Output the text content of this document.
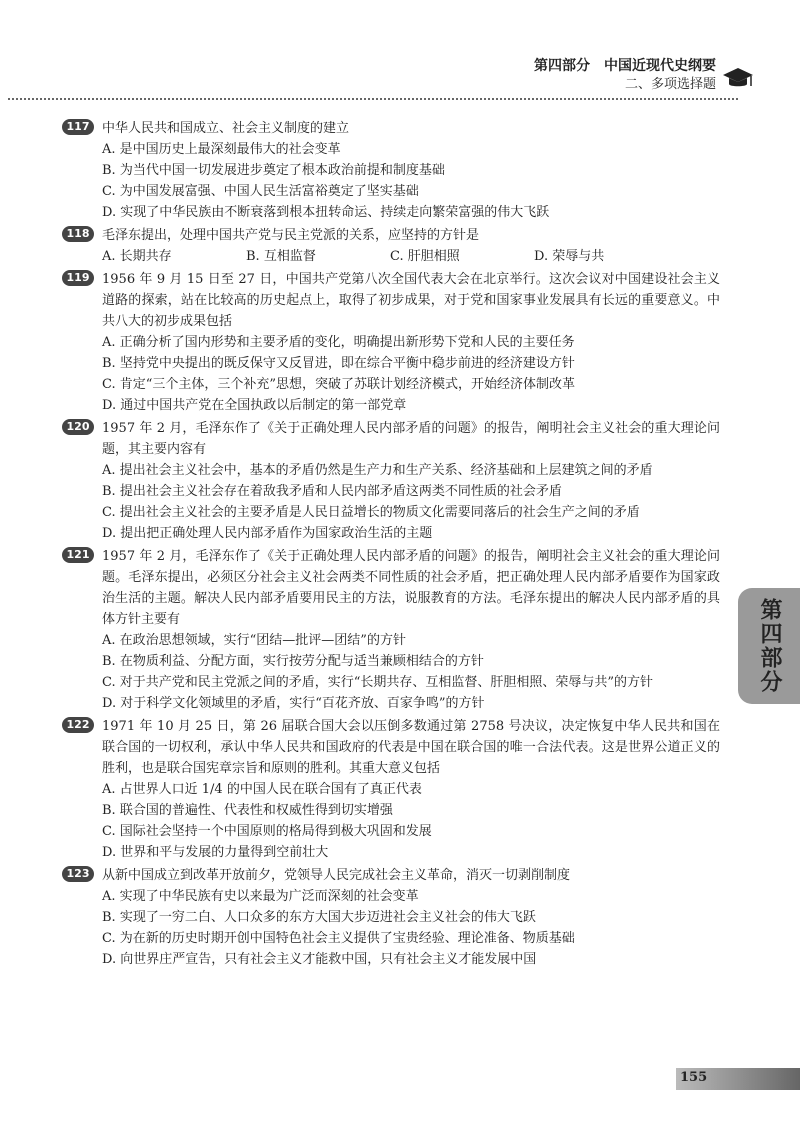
第四部分　中国近现代史纲要
二、多项选择题
117 中华人民共和国成立、社会主义制度的建立
A. 是中国历史上最深刻最伟大的社会变革
B. 为当代中国一切发展进步奠定了根本政治前提和制度基础
C. 为中国发展富强、中国人民生活富裕奠定了坚实基础
D. 实现了中华民族由不断衰落到根本扭转命运、持续走向繁荣富强的伟大飞跃
118 毛泽东提出，处理中国共产党与民主党派的关系，应坚持的方针是
A. 长期共存	B. 互相监督	C. 肝胆相照	D. 荣辱与共
119 1956 年 9 月 15 日至 27 日，中国共产党第八次全国代表大会在北京举行。这次会议对中国建设社会主义道路的探索，站在比较高的历史起点上，取得了初步成果，对于党和国家事业发展具有长远的重要意义。中共八大的初步成果包括
A. 正确分析了国内形势和主要矛盾的变化，明确提出新形势下党和人民的主要任务
B. 坚持党中央提出的既反保守又反冒进，即在综合平衡中稳步前进的经济建设方针
C. 肯定“三个主体，三个补充”思想，突破了苏联计划经济模式，开始经济体制改革
D. 通过中国共产党在全国执政以后制定的第一部党章
120 1957 年 2 月，毛泽东作了《关于正确处理人民内部矛盾的问题》的报告，阐明社会主义社会的重大理论问题，其主要内容有
A. 提出社会主义社会中，基本的矛盾仍然是生产力和生产关系、经济基础和上层建筑之间的矛盾
B. 提出社会主义社会存在着敌我矛盾和人民内部矛盾这两类不同性质的社会矛盾
C. 提出社会主义社会的主要矛盾是人民日益增长的物质文化需要同落后的社会生产之间的矛盾
D. 提出把正确处理人民内部矛盾作为国家政治生活的主题
121 1957 年 2 月，毛泽东作了《关于正确处理人民内部矛盾的问题》的报告，阐明社会主义社会的重大理论问题。毛泽东提出，必须区分社会主义社会两类不同性质的社会矛盾，把正确处理人民内部矛盾要作为国家政治生活的主题。解决人民内部矛盾要用民主的方法，说服教育的方法。毛泽东提出的解决人民内部矛盾的具体方针主要有
A. 在政治思想领域，实行“团结—批评—团结”的方针
B. 在物质利益、分配方面，实行按劳分配与适当兼顾相结合的方针
C. 对于共产党和民主党派之间的矛盾，实行“长期共存、互相监督、肝胆相照、荣辱与共”的方针
D. 对于科学文化领域里的矛盾，实行“百花齐放、百家争鸣”的方针
122 1971 年 10 月 25 日，第 26 届联合国大会以压倒多数通过第 2758 号决议，决定恢复中华人民共和国在联合国的一切权利，承认中华人民共和国政府的代表是中国在联合国的唯一合法代表。这是世界公道正义的胜利，也是联合国宪章宗旨和原则的胜利。其重大意义包括
A. 占世界人口近 1/4 的中国人民在联合国有了真正代表
B. 联合国的普遍性、代表性和权威性得到切实增强
C. 国际社会坚持一个中国原则的格局得到极大巩固和发展
D. 世界和平与发展的力量得到空前壮大
123 从新中国成立到改革开放前夕，党领导人民完成社会主义革命，消灭一切剥削制度
A. 实现了中华民族有史以来最为广泛而深刻的社会变革
B. 实现了一穷二白、人口众多的东方大国大步迈进社会主义社会的伟大飞跃
C. 为在新的历史时期开创中国特色社会主义提供了宝贵经验、理论准备、物质基础
D. 向世界庄严宣告，只有社会主义才能救中国，只有社会主义才能发展中国
第四部分
155
